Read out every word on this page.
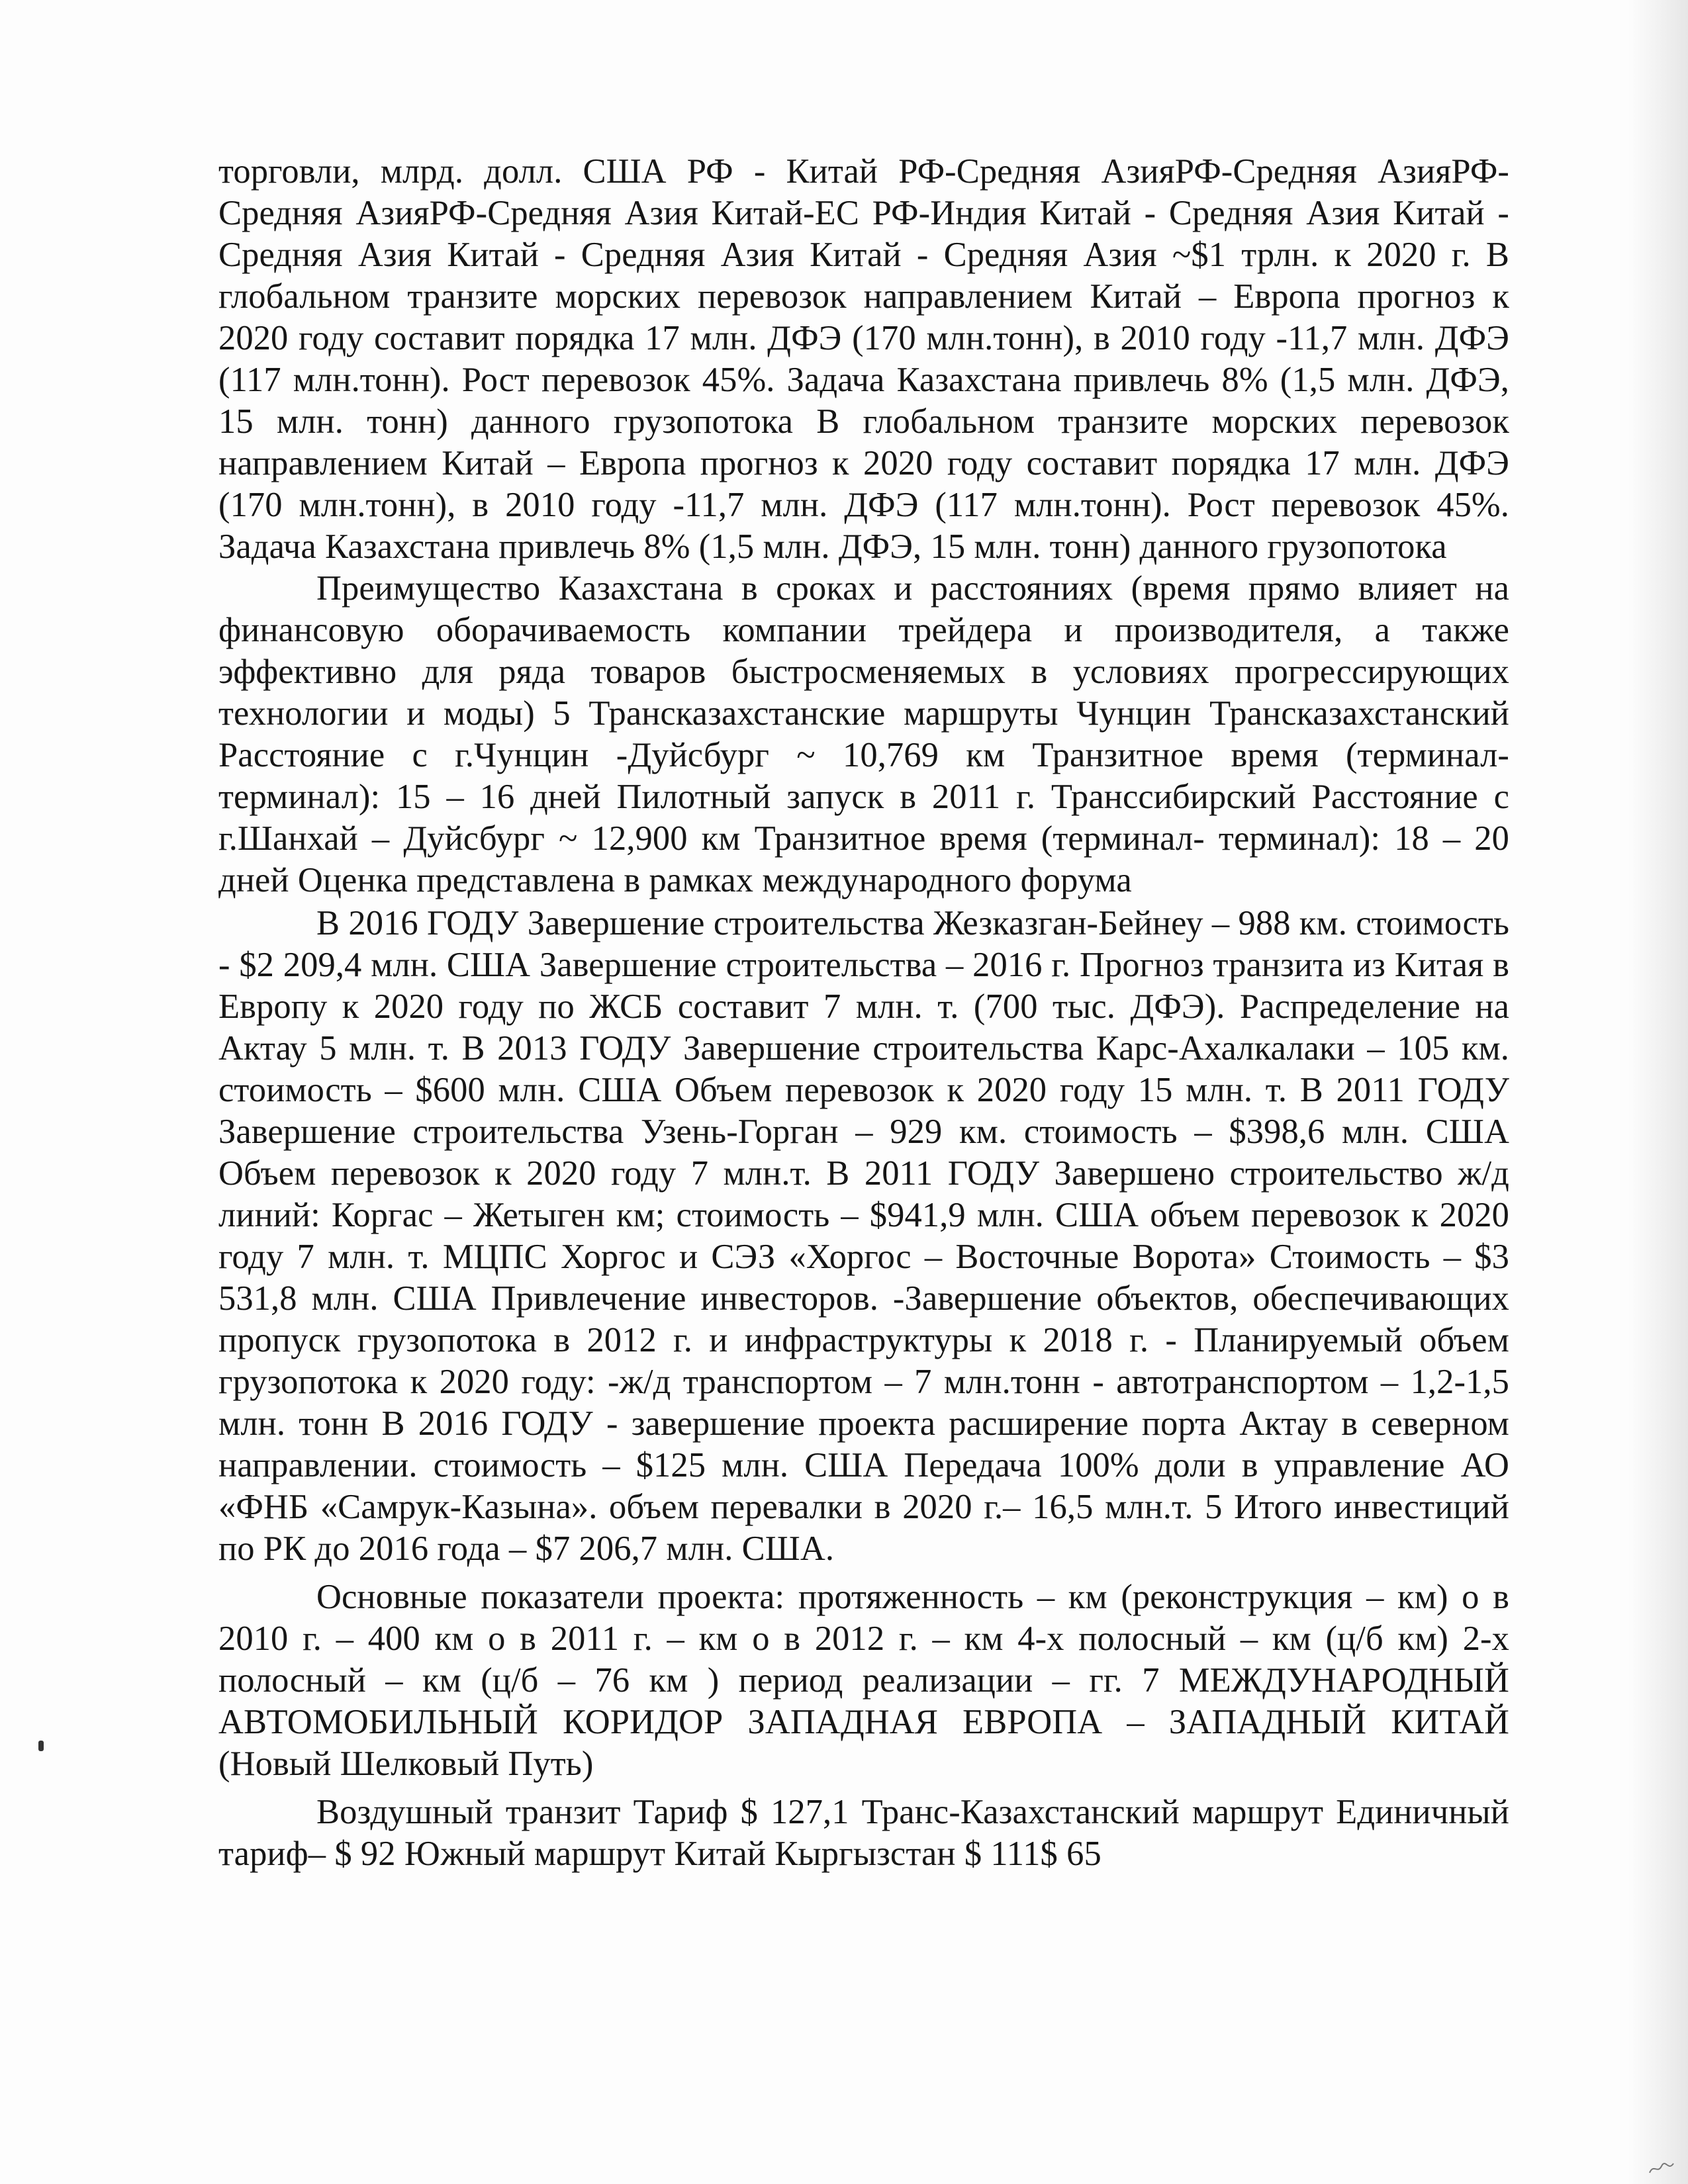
торговли, млрд. долл. США РФ - Китай РФ-Средняя АзияРФ-Средняя АзияРФ-Средняя АзияРФ-Средняя Азия Китай-ЕС РФ-Индия Китай - Средняя Азия Китай - Средняя Азия Китай - Средняя Азия Китай - Средняя Азия ~$1 трлн. к 2020 г. В глобальном транзите морских перевозок направлением Китай – Европа прогноз к 2020 году составит порядка 17 млн. ДФЭ (170 млн.тонн), в 2010 году -11,7 млн. ДФЭ (117 млн.тонн). Рост перевозок 45%. Задача Казахстана привлечь 8% (1,5 млн. ДФЭ, 15 млн. тонн) данного грузопотока В глобальном транзите морских перевозок направлением Китай – Европа прогноз к 2020 году составит порядка 17 млн. ДФЭ (170 млн.тонн), в 2010 году -11,7 млн. ДФЭ (117 млн.тонн). Рост перевозок 45%. Задача Казахстана привлечь 8% (1,5 млн. ДФЭ, 15 млн. тонн) данного грузопотока

Преимущество Казахстана в сроках и расстояниях (время прямо влияет на финансовую оборачиваемость компании трейдера и производителя, а также эффективно для ряда товаров быстросменяемых в условиях прогрессирующих технологии и моды) 5 Трансказахстанские маршруты Чунцин Трансказахстанский Расстояние с г.Чунцин -Дуйсбург ~ 10,769 км Транзитное время (терминал- терминал): 15 – 16 дней Пилотный запуск в 2011 г. Транссибирский Расстояние с г.Шанхай – Дуйсбург ~ 12,900 км Транзитное время (терминал- терминал): 18 – 20 дней Оценка представлена в рамках международного форума

В 2016 ГОДУ Завершение строительства Жезказган-Бейнеу – 988 км. стоимость - $2 209,4 млн. США Завершение строительства – 2016 г. Прогноз транзита из Китая в Европу к 2020 году по ЖСБ составит 7 млн. т. (700 тыс. ДФЭ). Распределение на Актау 5 млн. т. В 2013 ГОДУ Завершение строительства Карс-Ахалкалаки – 105 км. стоимость – $600 млн. США Объем перевозок к 2020 году 15 млн. т. В 2011 ГОДУ Завершение строительства Узень-Горган – 929 км. стоимость – $398,6 млн. США Объем перевозок к 2020 году 7 млн.т. В 2011 ГОДУ Завершено строительство ж/д линий: Коргас – Жетыген км; стоимость – $941,9 млн. США объем перевозок к 2020 году 7 млн. т. МЦПС Хоргос и СЭЗ «Хоргос – Восточные Ворота» Стоимость – $3 531,8 млн. США Привлечение инвесторов. -Завершение объектов, обеспечивающих пропуск грузопотока в 2012 г. и инфраструктуры к 2018 г. - Планируемый объем грузопотока к 2020 году: -ж/д транспортом – 7 млн.тонн - автотранспортом – 1,2-1,5 млн. тонн В 2016 ГОДУ - завершение проекта расширение порта Актау в северном направлении. стоимость – $125 млн. США Передача 100% доли в управление АО «ФНБ «Самрук-Казына». объем перевалки в 2020 г.– 16,5 млн.т. 5 Итого инвестиций по РК до 2016 года – $7 206,7 млн. США.

Основные показатели проекта: протяженность – км (реконструкция – км) о в 2010 г. – 400 км о в 2011 г. – км о в 2012 г. – км 4-х полосный – км (ц/б км) 2-х полосный – км (ц/б – 76 км ) период реализации – гг. 7 МЕЖДУНАРОДНЫЙ АВТОМОБИЛЬНЫЙ КОРИДОР ЗАПАДНАЯ ЕВРОПА – ЗАПАДНЫЙ КИТАЙ (Новый Шелковый Путь)

Воздушный транзит Тариф $ 127,1 Транс-Казахстанский маршрут Единичный тариф– $ 92 Южный маршрут Китай Кыргызстан $ 111$ 65
